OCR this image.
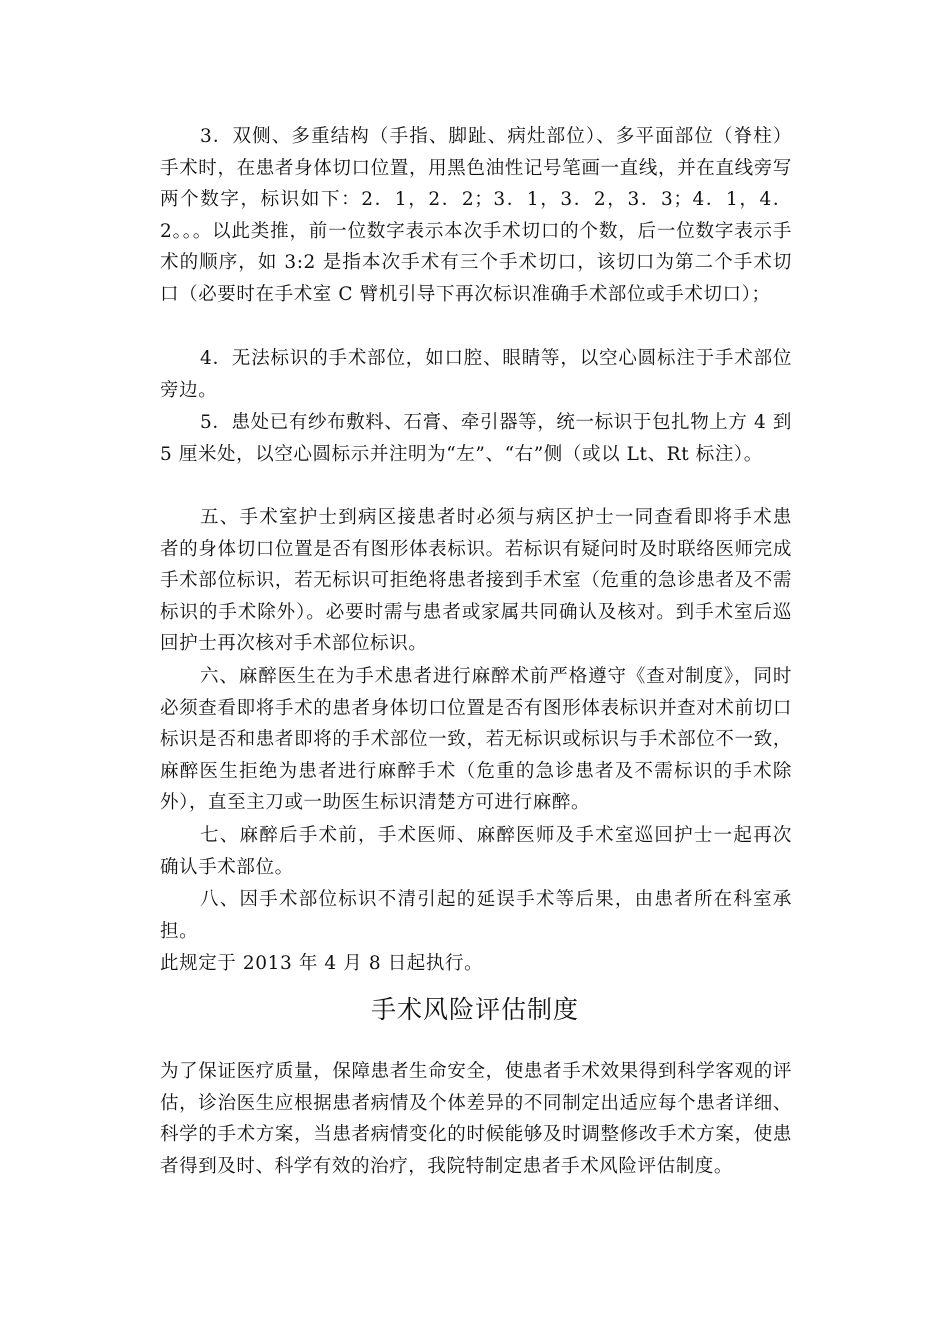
3．双侧、多重结构（手指、脚趾、病灶部位）、多平面部位（脊柱）手术时，在患者身体切口位置，用黑色油性记号笔画一直线，并在直线旁写两个数字，标识如下：2．1，2．2；3．1，3．2，3．3；4．1，4．2。。。以此类推，前一位数字表示本次手术切口的个数，后一位数字表示手术的顺序，如 3:2 是指本次手术有三个手术切口，该切口为第二个手术切口（必要时在手术室 C 臂机引导下再次标识准确手术部位或手术切口）；

4．无法标识的手术部位，如口腔、眼睛等，以空心圆标注于手术部位旁边。

5．患处已有纱布敷料、石膏、牵引器等，统一标识于包扎物上方 4 到 5 厘米处，以空心圆标示并注明为“左”、“右”侧（或以 Lt、Rt 标注）。

五、手术室护士到病区接患者时必须与病区护士一同查看即将手术患者的身体切口位置是否有图形体表标识。若标识有疑问时及时联络医师完成手术部位标识，若无标识可拒绝将患者接到手术室（危重的急诊患者及不需标识的手术除外）。必要时需与患者或家属共同确认及核对。到手术室后巡回护士再次核对手术部位标识。

六、麻醉医生在为手术患者进行麻醉术前严格遵守《查对制度》，同时必须查看即将手术的患者身体切口位置是否有图形体表标识并查对术前切口标识是否和患者即将的手术部位一致，若无标识或标识与手术部位不一致，麻醉医生拒绝为患者进行麻醉手术（危重的急诊患者及不需标识的手术除外），直至主刀或一助医生标识清楚方可进行麻醉。

七、麻醉后手术前，手术医师、麻醉医师及手术室巡回护士一起再次确认手术部位。

八、因手术部位标识不清引起的延误手术等后果，由患者所在科室承担。

此规定于 2013 年 4 月 8 日起执行。

手术风险评估制度

为了保证医疗质量，保障患者生命安全，使患者手术效果得到科学客观的评估，诊治医生应根据患者病情及个体差异的不同制定出适应每个患者详细、科学的手术方案，当患者病情变化的时候能够及时调整修改手术方案，使患者得到及时、科学有效的治疗，我院特制定患者手术风险评估制度。
